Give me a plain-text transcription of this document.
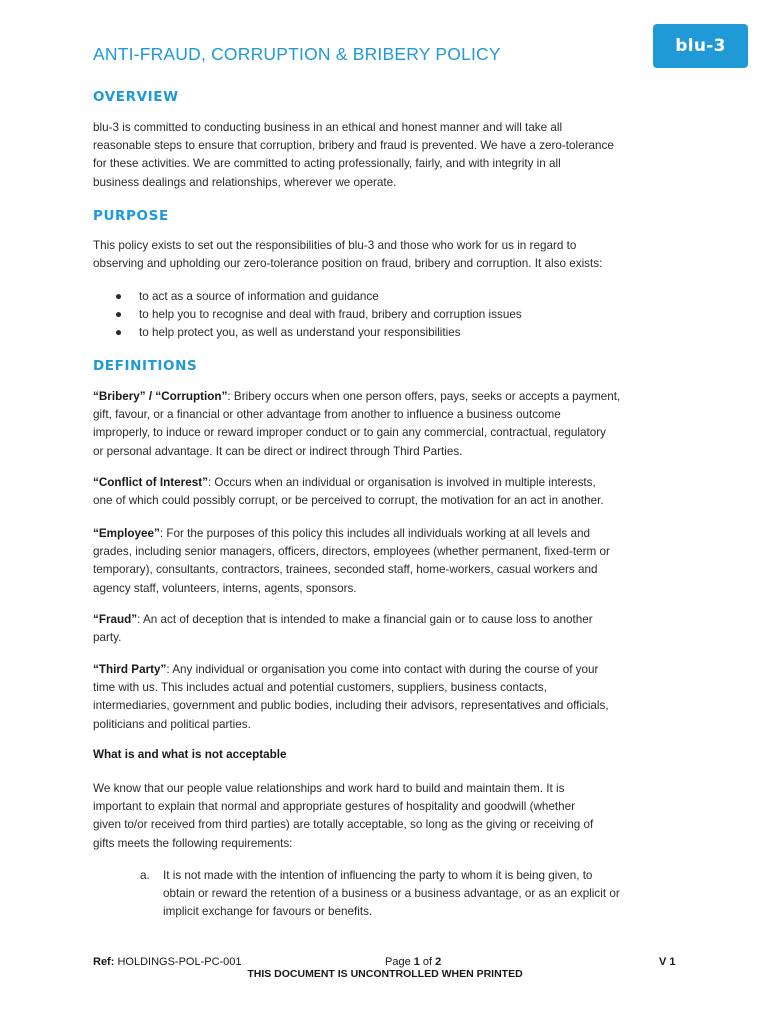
blu-3
ANTI-FRAUD, CORRUPTION & BRIBERY POLICY
OVERVIEW

blu-3 is committed to conducting business in an ethical and honest manner and will take all
reasonable steps to ensure that corruption, bribery and fraud is prevented. We have a zero-tolerance
for these activities. We are committed to acting professionally, fairly, and with integrity in all
business dealings and relationships, wherever we operate.

PURPOSE

This policy exists to set out the responsibilities of blu-3 and those who work for us in regard to
observing and upholding our zero-tolerance position on fraud, bribery and corruption. It also exists:

● to act as a source of information and guidance
● to help you to recognise and deal with fraud, bribery and corruption issues
● to help protect you, as well as understand your responsibilities
DEFINITIONS

“Bribery” / “Corruption”: Bribery occurs when one person offers, pays, seeks or accepts a payment,
gift, favour, or a financial or other advantage from another to influence a business outcome
improperly, to induce or reward improper conduct or to gain any commercial, contractual, regulatory
or personal advantage. It can be direct or indirect through Third Parties.

“Conflict of Interest”: Occurs when an individual or organisation is involved in multiple interests,
one of which could possibly corrupt, or be perceived to corrupt, the motivation for an act in another.

“Employee”: For the purposes of this policy this includes all individuals working at all levels and
grades, including senior managers, officers, directors, employees (whether permanent, fixed-term or
temporary), consultants, contractors, trainees, seconded staff, home-workers, casual workers and
agency staff, volunteers, interns, agents, sponsors.

“Fraud”: An act of deception that is intended to make a financial gain or to cause loss to another
party.

“Third Party”: Any individual or organisation you come into contact with during the course of your
time with us. This includes actual and potential customers, suppliers, business contacts,
intermediaries, government and public bodies, including their advisors, representatives and officials,
politicians and political parties.

What is and what is not acceptable

We know that our people value relationships and work hard to build and maintain them. It is
important to explain that normal and appropriate gestures of hospitality and goodwill (whether
given to/or received from third parties) are totally acceptable, so long as the giving or receiving of
gifts meets the following requirements:

a.	It is not made with the intention of influencing the party to whom it is being given, to
obtain or reward the retention of a business or a business advantage, or as an explicit or
implicit exchange for favours or benefits.
Ref: HOLDINGS-POL-PC-001	Page 1 of 2	V 1
THIS DOCUMENT IS UNCONTROLLED WHEN PRINTED
